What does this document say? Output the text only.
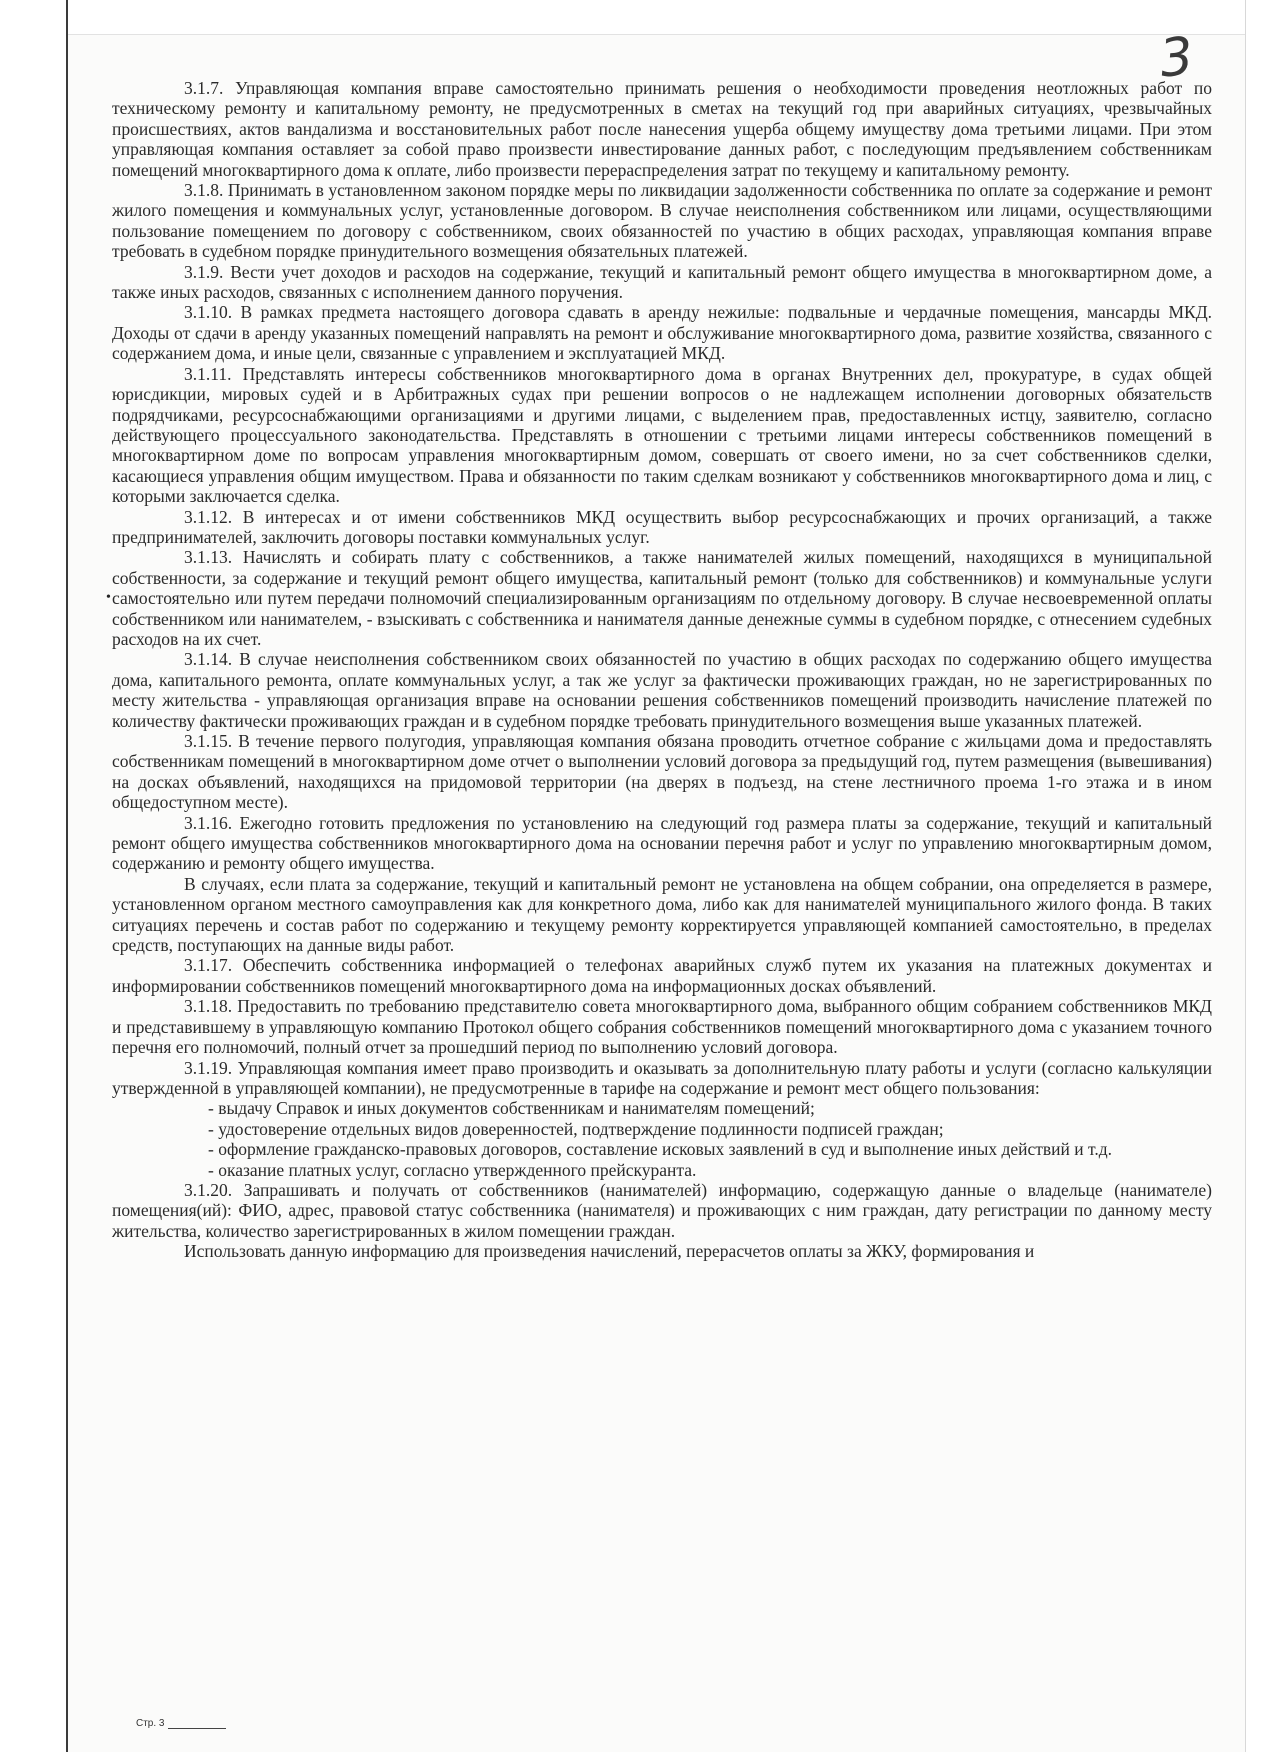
3
•

3.1.7. Управляющая компания вправе самостоятельно принимать решения о необходимости проведения неотложных работ по техническому ремонту и капитальному ремонту, не предусмотренных в сметах на текущий год при аварийных ситуациях, чрезвычайных происшествиях, актов вандализма и восстановительных работ после нанесения ущерба общему имуществу дома третьими лицами. При этом управляющая компания оставляет за собой право произвести инвестирование данных работ, с последующим предъявлением собственникам помещений многоквартирного дома к оплате, либо произвести перераспределения затрат по текущему и капитальному ремонту.

3.1.8. Принимать в установленном законом порядке меры по ликвидации задолженности собственника по оплате за содержание и ремонт жилого помещения и коммунальных услуг, установленные договором. В случае неисполнения собственником или лицами, осуществляющими пользование помещением по договору с собственником, своих обязанностей по участию в общих расходах, управляющая компания вправе требовать в судебном порядке принудительного возмещения обязательных платежей.

3.1.9. Вести учет доходов и расходов на содержание, текущий и капитальный ремонт общего имущества в многоквартирном доме, а также иных расходов, связанных с исполнением данного поручения.

3.1.10. В рамках предмета настоящего договора сдавать в аренду нежилые: подвальные и чердачные помещения, мансарды МКД. Доходы от сдачи в аренду указанных помещений направлять на ремонт и обслуживание многоквартирного дома, развитие хозяйства, связанного с содержанием дома, и иные цели, связанные с управлением и эксплуатацией МКД.

3.1.11. Представлять интересы собственников многоквартирного дома в органах Внутренних дел, прокуратуре, в судах общей юрисдикции, мировых судей и в Арбитражных судах при решении вопросов о не надлежащем исполнении договорных обязательств подрядчиками, ресурсоснабжающими организациями и другими лицами, с выделением прав, предоставленных истцу, заявителю, согласно действующего процессуального законодательства. Представлять в отношении с третьими лицами интересы собственников помещений в многоквартирном доме по вопросам управления многоквартирным домом, совершать от своего имени, но за счет собственников сделки, касающиеся управления общим имуществом. Права и обязанности по таким сделкам возникают у собственников многоквартирного дома и лиц, с которыми заключается сделка.

3.1.12. В интересах и от имени собственников МКД осуществить выбор ресурсоснабжающих и прочих организаций, а также предпринимателей, заключить договоры поставки коммунальных услуг.

3.1.13. Начислять и собирать плату с собственников, а также нанимателей жилых помещений, находящихся в муниципальной собственности, за содержание и текущий ремонт общего имущества, капитальный ремонт (только для собственников) и коммунальные услуги самостоятельно или путем передачи полномочий специализированным организациям по отдельному договору. В случае несвоевременной оплаты собственником или нанимателем, - взыскивать с собственника и нанимателя данные денежные суммы в судебном порядке, с отнесением судебных расходов на их счет.

3.1.14. В случае неисполнения собственником своих обязанностей по участию в общих расходах по содержанию общего имущества дома, капитального ремонта, оплате коммунальных услуг, а так же услуг за фактически проживающих граждан, но не зарегистрированных по месту жительства - управляющая организация вправе на основании решения собственников помещений производить начисление платежей по количеству фактически проживающих граждан и в судебном порядке требовать принудительного возмещения выше указанных платежей.

3.1.15. В течение первого полугодия, управляющая компания обязана проводить отчетное собрание с жильцами дома и предоставлять собственникам помещений в многоквартирном доме отчет о выполнении условий договора за предыдущий год, путем размещения (вывешивания) на досках объявлений, находящихся на придомовой территории (на дверях в подъезд, на стене лестничного проема 1-го этажа и в ином общедоступном месте).

3.1.16. Ежегодно готовить предложения по установлению на следующий год размера платы за содержание, текущий и капитальный ремонт общего имущества собственников многоквартирного дома на основании перечня работ и услуг по управлению многоквартирным домом, содержанию и ремонту общего имущества.

В случаях, если плата за содержание, текущий и капитальный ремонт не установлена на общем собрании, она определяется в размере, установленном органом местного самоуправления как для конкретного дома, либо как для нанимателей муниципального жилого фонда. В таких ситуациях перечень и состав работ по содержанию и текущему ремонту корректируется управляющей компанией самостоятельно, в пределах средств, поступающих на данные виды работ.

3.1.17. Обеспечить собственника информацией о телефонах аварийных служб путем их указания на платежных документах и информировании собственников помещений многоквартирного дома на информационных досках объявлений.

3.1.18. Предоставить по требованию представителю совета многоквартирного дома, выбранного общим собранием собственников МКД и представившему в управляющую компанию Протокол общего собрания собственников помещений многоквартирного дома с указанием точного перечня его полномочий, полный отчет за прошедший период по выполнению условий договора.

3.1.19. Управляющая компания имеет право производить и оказывать за дополнительную плату работы и услуги (согласно калькуляции утвержденной в управляющей компании), не предусмотренные в тарифе на содержание и ремонт мест общего пользования:

- выдачу Справок и иных документов собственникам и нанимателям помещений;

- удостоверение отдельных видов доверенностей, подтверждение подлинности подписей граждан;

- оформление гражданско-правовых договоров, составление исковых заявлений в суд и выполнение иных действий и т.д.

- оказание платных услуг, согласно утвержденного прейскуранта.

3.1.20. Запрашивать и получать от собственников (нанимателей) информацию, содержащую данные о владельце (нанимателе) помещения(ий): ФИО, адрес, правовой статус собственника (нанимателя) и проживающих с ним граждан, дату регистрации по данному месту жительства, количество зарегистрированных в жилом помещении граждан.

Использовать данную информацию для произведения начислений, перерасчетов оплаты за ЖКУ, формирования и

Стр. 3
